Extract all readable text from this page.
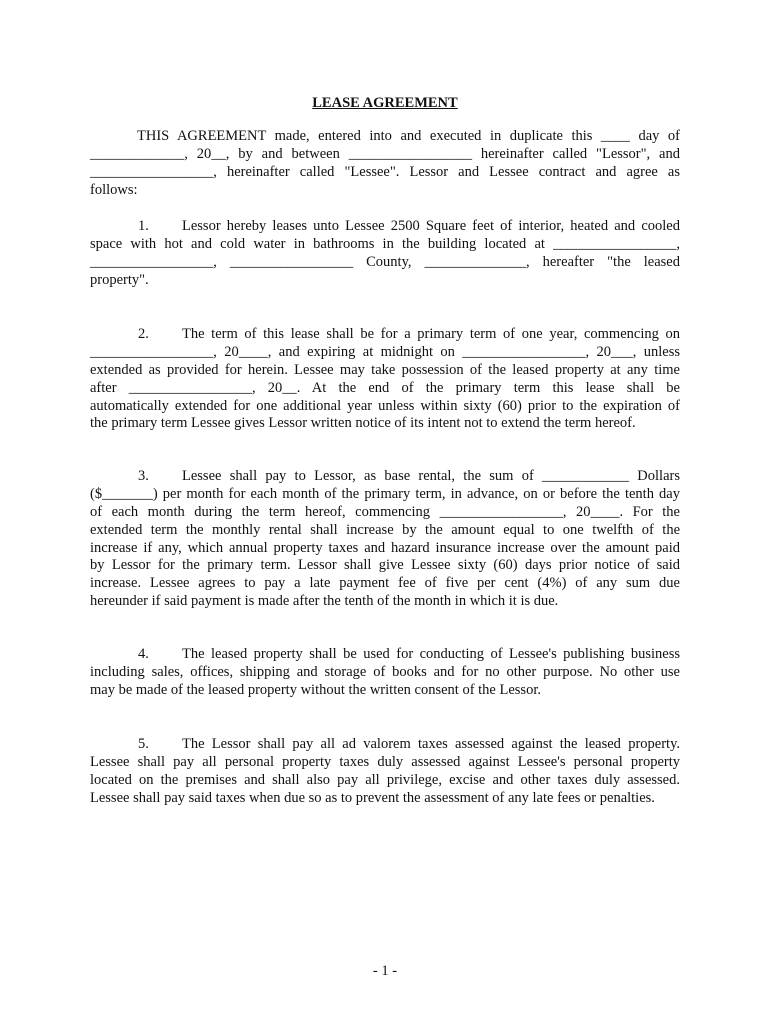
LEASE AGREEMENT
THIS AGREEMENT made, entered into and executed in duplicate this ____ day of
_____________, 20__, by and between _________________ hereinafter called "Lessor", and
_________________, hereinafter called "Lessee". Lessor and Lessee contract and agree as
follows:
1. Lessor hereby leases unto Lessee 2500 Square feet of interior, heated and cooled
space with hot and cold water in bathrooms in the building located at _________________,
_________________, _________________ County, ______________, hereafter "the leased
property".
2. The term of this lease shall be for a primary term of one year, commencing on
_________________, 20____, and expiring at midnight on _________________, 20___, unless
extended as provided for herein. Lessee may take possession of the leased property at any time
after _________________, 20__. At the end of the primary term this lease shall be
automatically extended for one additional year unless within sixty (60) prior to the expiration of
the primary term Lessee gives Lessor written notice of its intent not to extend the term hereof.
3. Lessee shall pay to Lessor, as base rental, the sum of ____________ Dollars
($_______) per month for each month of the primary term, in advance, on or before the tenth day
of each month during the term hereof, commencing _________________, 20____. For the
extended term the monthly rental shall increase by the amount equal to one twelfth of the
increase if any, which annual property taxes and hazard insurance increase over the amount paid
by Lessor for the primary term. Lessor shall give Lessee sixty (60) days prior notice of said
increase. Lessee agrees to pay a late payment fee of five per cent (4%) of any sum due
hereunder if said payment is made after the tenth of the month in which it is due.
4. The leased property shall be used for conducting of Lessee's publishing business
including sales, offices, shipping and storage of books and for no other purpose. No other use
may be made of the leased property without the written consent of the Lessor.
5. The Lessor shall pay all ad valorem taxes assessed against the leased property.
Lessee shall pay all personal property taxes duly assessed against Lessee's personal property
located on the premises and shall also pay all privilege, excise and other taxes duly assessed.
Lessee shall pay said taxes when due so as to prevent the assessment of any late fees or penalties.
- 1 -
